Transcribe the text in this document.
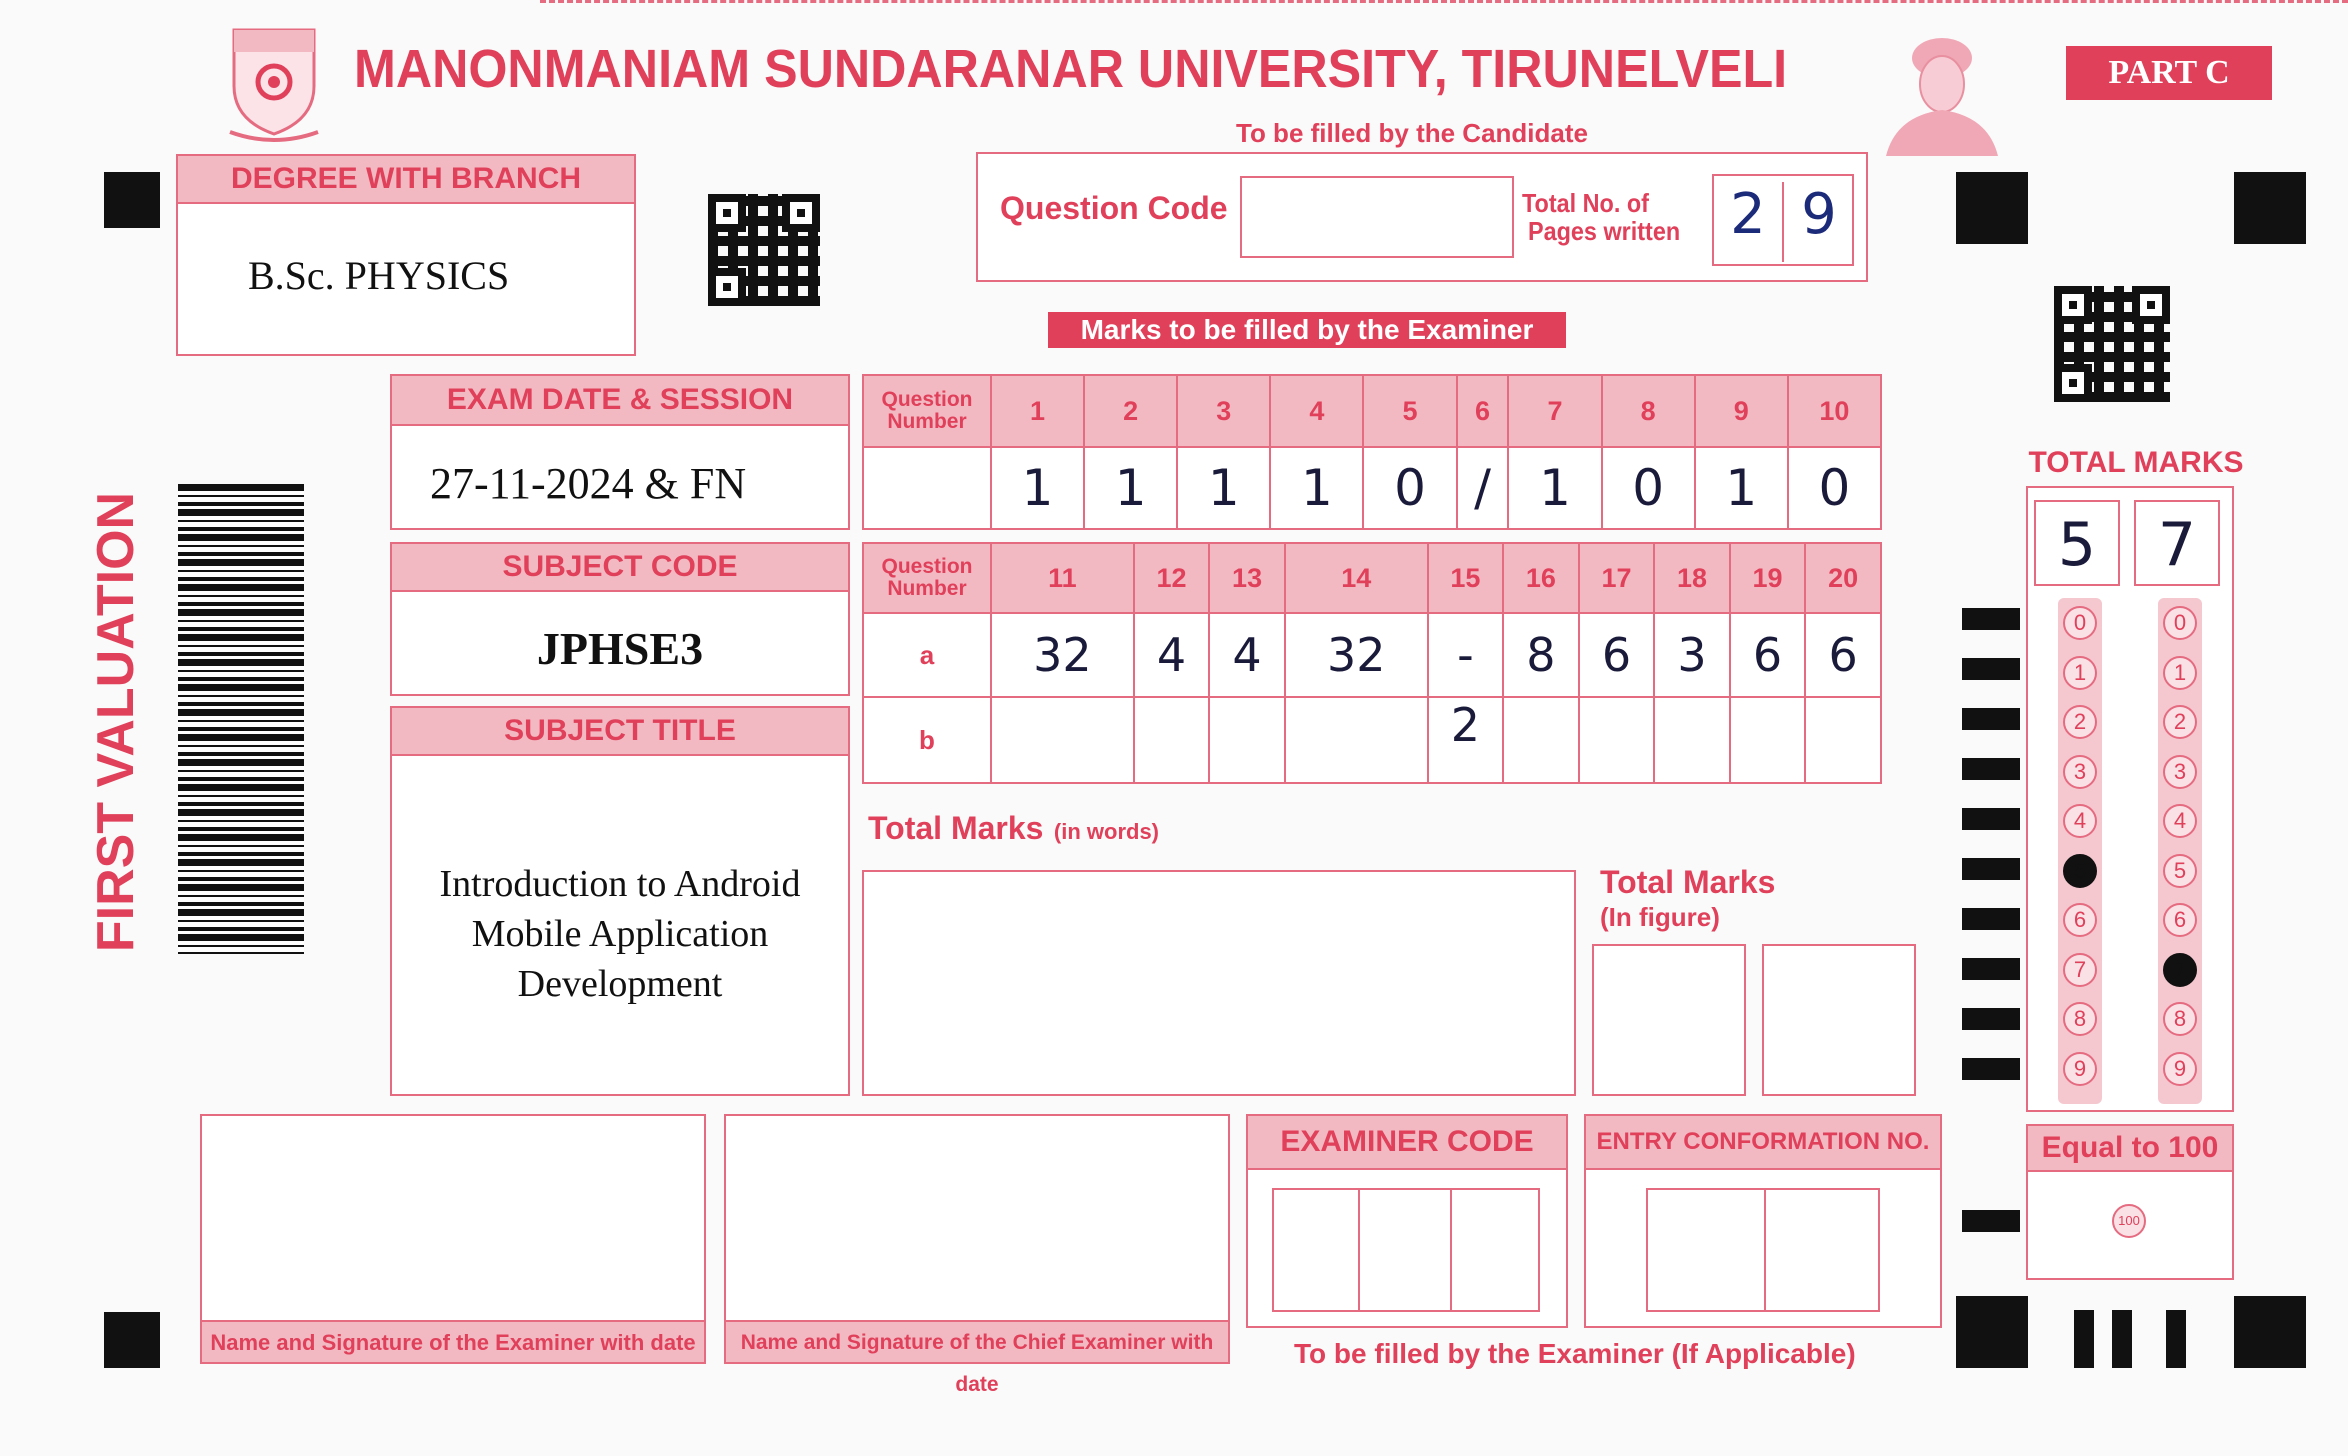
MANONMANIAM SUNDARANAR UNIVERSITY, TIRUNELVELI	PART C
To be filled by the Candidate
DEGREE WITH BRANCH
B.Sc. PHYSICS
Question Code	Total No. of
Pages written 2 9
Marks to be filled by the Examiner
EXAM DATE & SESSION
27-11-2024 & FN
SUBJECT CODE
JPHSE3
SUBJECT TITLE
Introduction to Android
Mobile Application
Development
FIRST VALUATION
Question Number	1	2	3	4	5	6	7	8	9	10
	1	1	1	1	0	/	1	0	1	0
Question Number	11	12	13	14	15	16	17	18	19	20
a	32	4	4	32	-	8	6	3	6	6
b					2					
Total Marks (in words)
Total Marks
(In figure)
TOTAL MARKS
5	7
0
1
2
3
4
5
6
7
8
9
0
1
2
3
4
5
6
7
8
9
Equal to 100
100
Name and Signature of the Examiner with date	Name and Signature of the Chief Examiner with date
EXAMINER CODE	ENTRY CONFORMATION NO.
To be filled by the Examiner (If Applicable)
